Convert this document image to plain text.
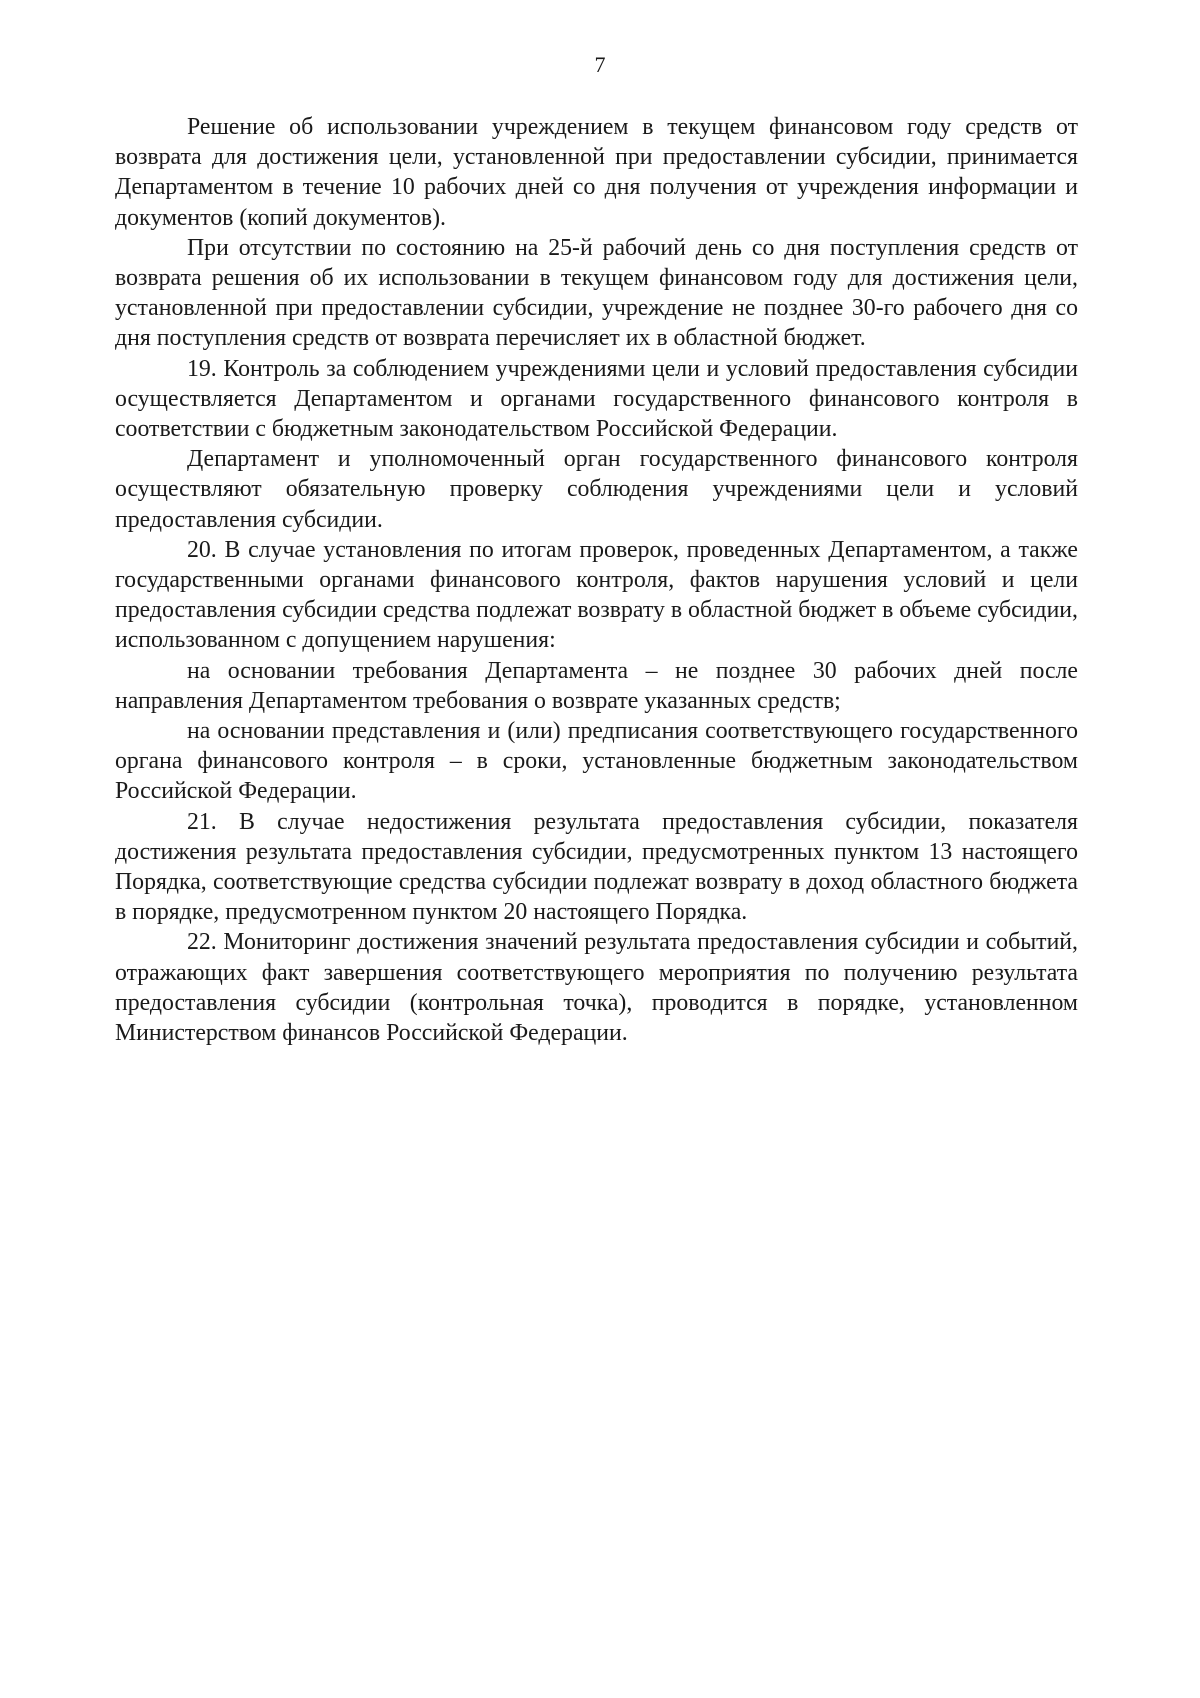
7

Решение об использовании учреждением в текущем финансовом году средств от возврата для достижения цели, установленной при предоставлении субсидии, принимается Департаментом в течение 10 рабочих дней со дня получения от учреждения информации и документов (копий документов).

При отсутствии по состоянию на 25-й рабочий день со дня поступления средств от возврата решения об их использовании в текущем финансовом году для достижения цели, установленной при предоставлении субсидии, учреждение не позднее 30-го рабочего дня со дня поступления средств от возврата перечисляет их в областной бюджет.

19. Контроль за соблюдением учреждениями цели и условий предоставления субсидии осуществляется Департаментом и органами государственного финансового контроля в соответствии с бюджетным законодательством Российской Федерации.

Департамент и уполномоченный орган государственного финансового контроля осуществляют обязательную проверку соблюдения учреждениями цели и условий предоставления субсидии.

20. В случае установления по итогам проверок, проведенных Департаментом, а также государственными органами финансового контроля, фактов нарушения условий и цели предоставления субсидии средства подлежат возврату в областной бюджет в объеме субсидии, использованном с допущением нарушения:

на основании требования Департамента – не позднее 30 рабочих дней после направления Департаментом требования о возврате указанных средств;

на основании представления и (или) предписания соответствующего государственного органа финансового контроля – в сроки, установленные бюджетным законодательством Российской Федерации.

21. В случае недостижения результата предоставления субсидии, показателя достижения результата предоставления субсидии, предусмотренных пунктом 13 настоящего Порядка, соответствующие средства субсидии подлежат возврату в доход областного бюджета в порядке, предусмотренном пунктом 20 настоящего Порядка.

22. Мониторинг достижения значений результата предоставления субсидии и событий, отражающих факт завершения соответствующего мероприятия по получению результата предоставления субсидии (контрольная точка), проводится в порядке, установленном Министерством финансов Российской Федерации.
